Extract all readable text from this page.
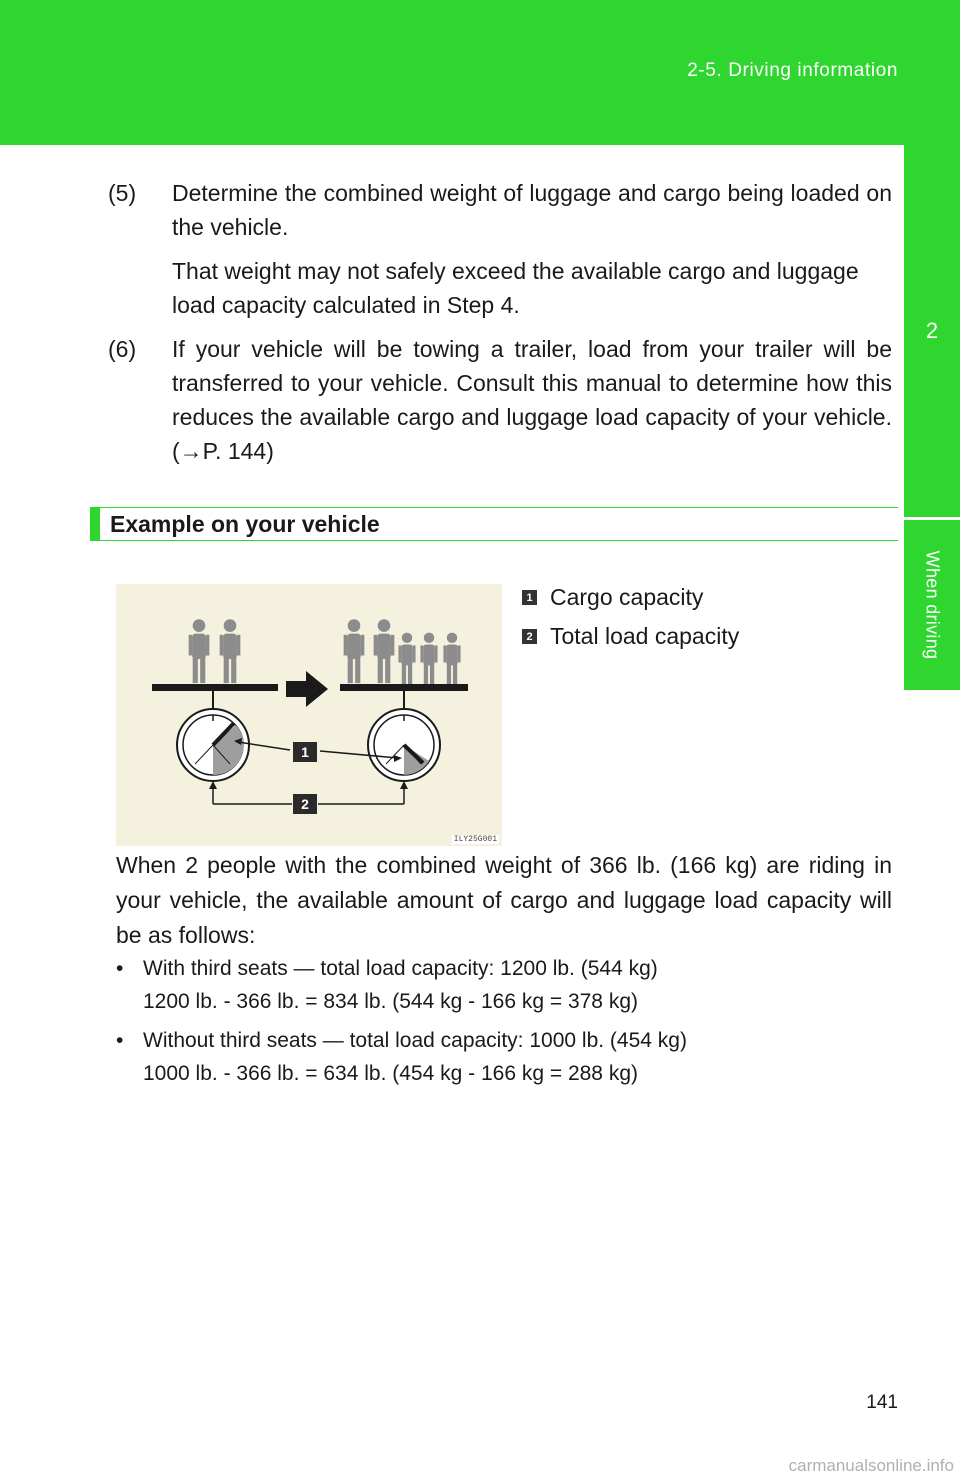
2-5. Driving information
2
When driving
(5)	Determine the combined weight of luggage and cargo being loaded on the vehicle.
That weight may not safely exceed the available cargo and luggage load capacity calculated in Step 4.
(6)	If your vehicle will be towing a trailer, load from your trailer will be transferred to your vehicle. Consult this manual to determine how this reduces the available cargo and luggage load capacity of your vehicle. (→P. 144)
Example on your vehicle
1
2
ILY25G001
1 Cargo capacity
2 Total load capacity
When 2 people with the combined weight of 366 lb. (166 kg) are riding in your vehicle, the available amount of cargo and luggage load capacity will be as follows:
• With third seats — total load capacity: 1200 lb. (544 kg)
1200 lb. - 366 lb. = 834 lb. (544 kg - 166 kg = 378 kg)
• Without third seats — total load capacity: 1000 lb. (454 kg)
1000 lb. - 366 lb. = 634 lb. (454 kg - 166 kg = 288 kg)
141
carmanualsonline.info
